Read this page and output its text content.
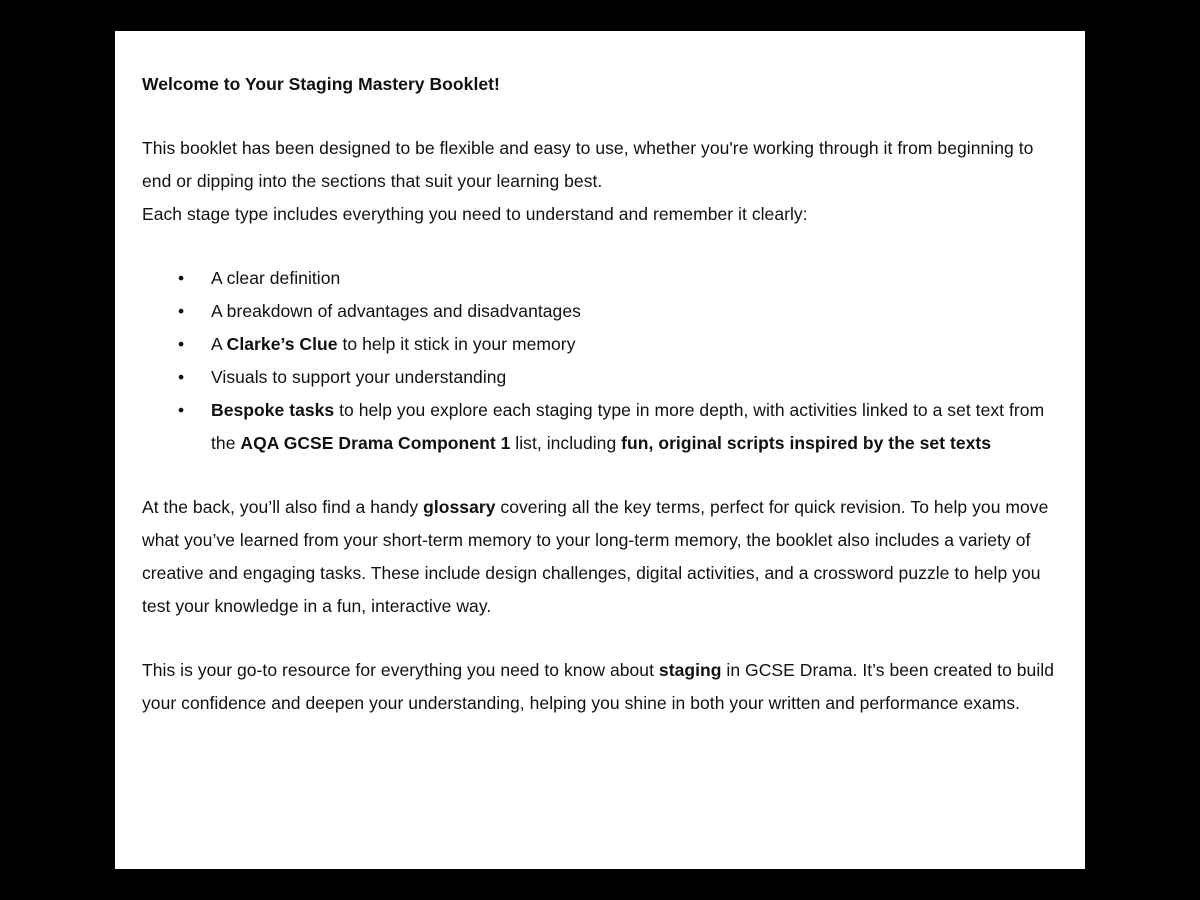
Welcome to Your Staging Mastery Booklet!

This booklet has been designed to be flexible and easy to use, whether you're working through it from beginning to end or dipping into the sections that suit your learning best.

Each stage type includes everything you need to understand and remember it clearly:

• A clear definition
• A breakdown of advantages and disadvantages
• A Clarke’s Clue to help it stick in your memory
• Visuals to support your understanding
• Bespoke tasks to help you explore each staging type in more depth, with activities linked to a set text from the AQA GCSE Drama Component 1 list, including fun, original scripts inspired by the set texts

At the back, you’ll also find a handy glossary covering all the key terms, perfect for quick revision. To help you move what you’ve learned from your short-term memory to your long-term memory, the booklet also includes a variety of creative and engaging tasks. These include design challenges, digital activities, and a crossword puzzle to help you test your knowledge in a fun, interactive way.

This is your go-to resource for everything you need to know about staging in GCSE Drama. It’s been created to build your confidence and deepen your understanding, helping you shine in both your written and performance exams.
